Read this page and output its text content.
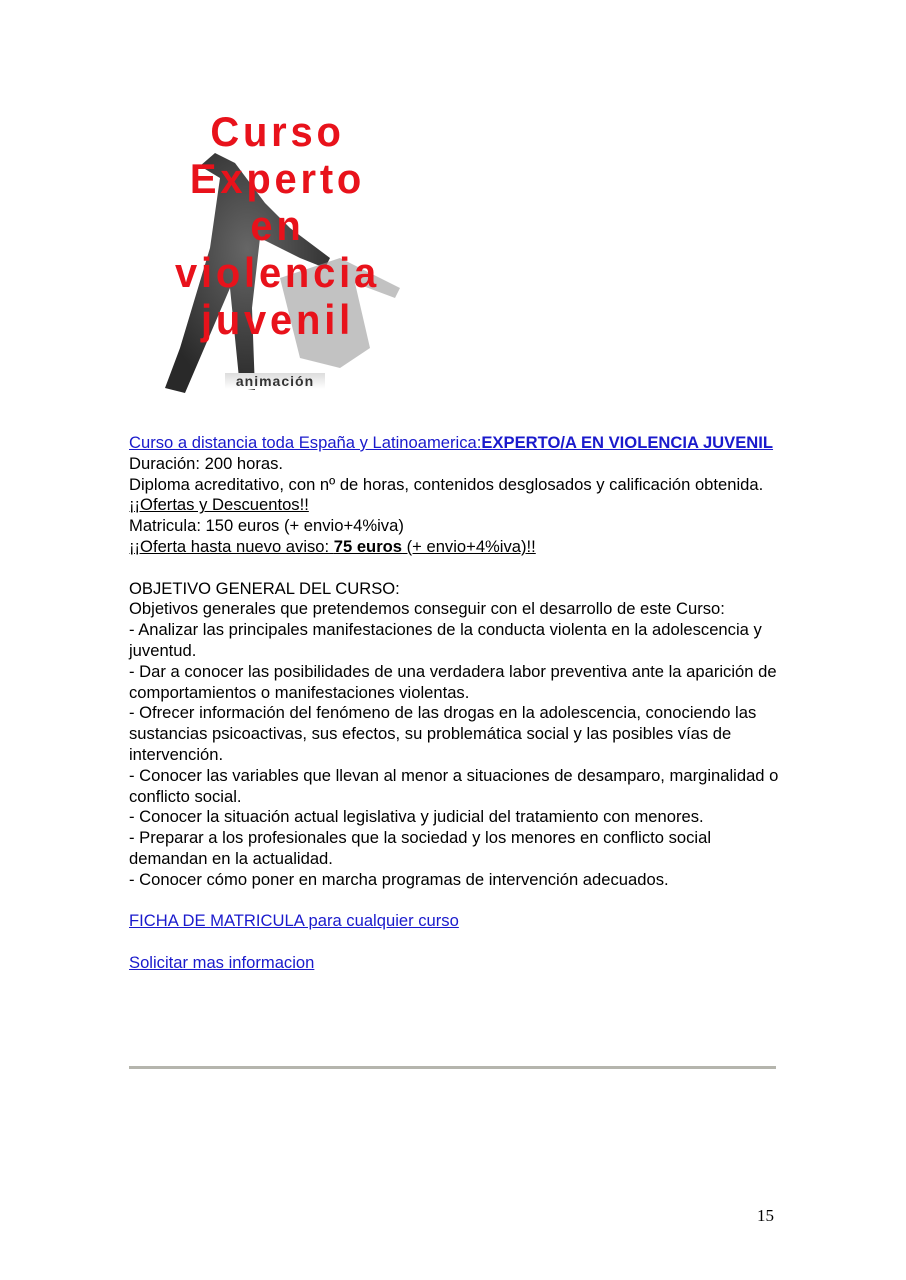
Curso
Experto
en
violencia
juvenil
animación

Curso a distancia toda España y Latinoamerica:EXPERTO/A EN VIOLENCIA JUVENIL

Duración: 200 horas.

Diploma acreditativo, con nº de horas, contenidos desglosados y calificación obtenida.

¡¡Ofertas y Descuentos!!

Matricula: 150 euros (+ envio+4%iva)

¡¡Oferta hasta nuevo aviso: 75 euros (+ envio+4%iva)!!

OBJETIVO GENERAL DEL CURSO:

Objetivos generales que pretendemos conseguir con el desarrollo de este Curso:

- Analizar las principales manifestaciones de la conducta violenta en la adolescencia y juventud.

- Dar a conocer las posibilidades de una verdadera labor preventiva ante la aparición de comportamientos o manifestaciones violentas.

- Ofrecer información del fenómeno de las drogas en la adolescencia, conociendo las sustancias psicoactivas, sus efectos, su problemática social y las posibles vías de intervención.

- Conocer las variables que llevan al menor a situaciones de desamparo, marginalidad o conflicto social.

- Conocer la situación actual legislativa y judicial del tratamiento con menores.

- Preparar a los profesionales que la sociedad y los menores en conflicto social demandan en la actualidad.

- Conocer cómo poner en marcha programas de intervención adecuados.

FICHA DE MATRICULA para cualquier curso

Solicitar mas informacion

15
